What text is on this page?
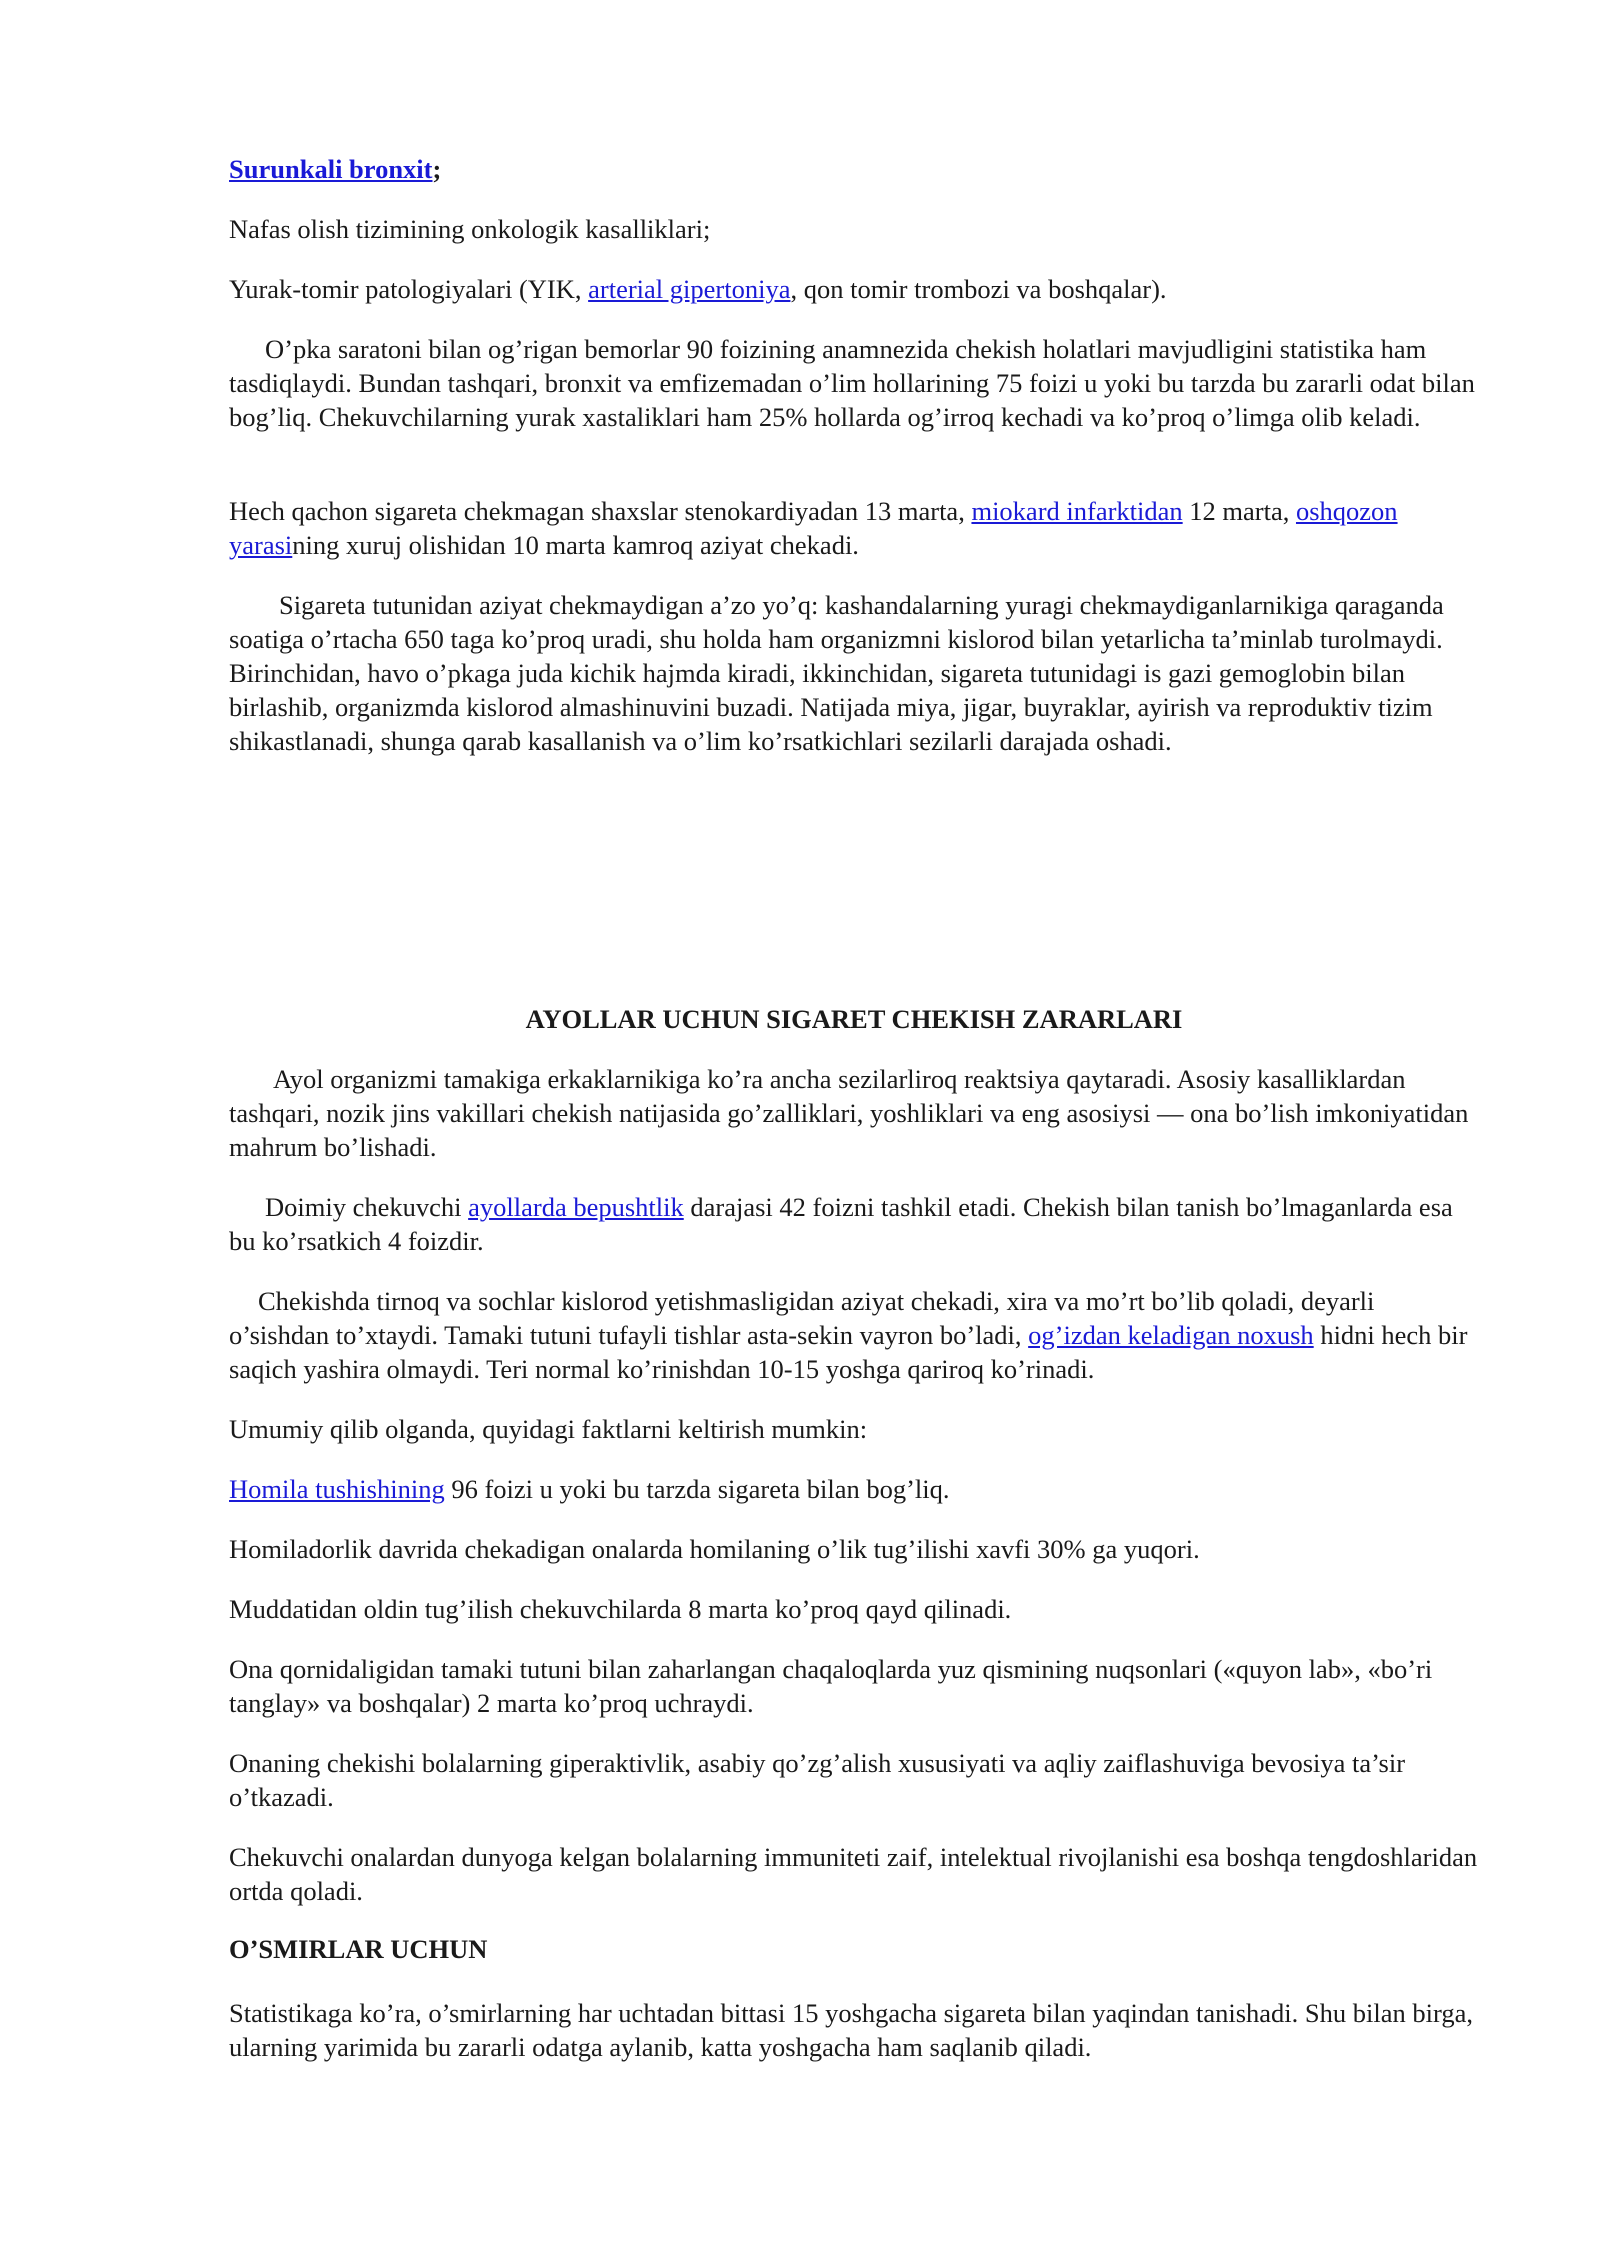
Surunkali bronxit;

Nafas olish tizimining onkologik kasalliklari;

Yurak-tomir patologiyalari (YIK, arterial gipertoniya, qon tomir trombozi va boshqalar).

O’pka saratoni bilan og’rigan bemorlar 90 foizining anamnezida chekish holatlari mavjudligini statistika ham tasdiqlaydi. Bundan tashqari, bronxit va emfizemadan o’lim hollarining 75 foizi u yoki bu tarzda bu zararli odat bilan bog’liq. Chekuvchilarning yurak xastaliklari ham 25% hollarda og’irroq kechadi va ko’proq o’limga olib keladi.

Hech qachon sigareta chekmagan shaxslar stenokardiyadan 13 marta, miokard infarktidan 12 marta, oshqozon yarasining xuruj olishidan 10 marta kamroq aziyat chekadi.

Sigareta tutunidan aziyat chekmaydigan a’zo yo’q: kashandalarning yuragi chekmaydiganlarnikiga qaraganda soatiga o’rtacha 650 taga ko’proq uradi, shu holda ham organizmni kislorod bilan yetarlicha ta’minlab turolmaydi. Birinchidan, havo o’pkaga juda kichik hajmda kiradi, ikkinchidan, sigareta tutunidagi is gazi gemoglobin bilan birlashib, organizmda kislorod almashinuvini buzadi. Natijada miya, jigar, buyraklar, ayirish va reproduktiv tizim shikastlanadi, shunga qarab kasallanish va o’lim ko’rsatkichlari sezilarli darajada oshadi.

AYOLLAR UCHUN SIGARET CHEKISH ZARARLARI

Ayol organizmi tamakiga erkaklarnikiga ko’ra ancha sezilarliroq reaktsiya qaytaradi. Asosiy kasalliklardan tashqari, nozik jins vakillari chekish natijasida go’zalliklari, yoshliklari va eng asosiysi — ona bo’lish imkoniyatidan mahrum bo’lishadi.

Doimiy chekuvchi ayollarda bepushtlik darajasi 42 foizni tashkil etadi. Chekish bilan tanish bo’lmaganlarda esa bu ko’rsatkich 4 foizdir.

Chekishda tirnoq va sochlar kislorod yetishmasligidan aziyat chekadi, xira va mo’rt bo’lib qoladi, deyarli o’sishdan to’xtaydi. Tamaki tutuni tufayli tishlar asta-sekin vayron bo’ladi, og’izdan keladigan noxush hidni hech bir saqich yashira olmaydi. Teri normal ko’rinishdan 10-15 yoshga qariroq ko’rinadi.

Umumiy qilib olganda, quyidagi faktlarni keltirish mumkin:

Homila tushishining 96 foizi u yoki bu tarzda sigareta bilan bog’liq.

Homiladorlik davrida chekadigan onalarda homilaning o’lik tug’ilishi xavfi 30% ga yuqori.

Muddatidan oldin tug’ilish chekuvchilarda 8 marta ko’proq qayd qilinadi.

Ona qornidaligidan tamaki tutuni bilan zaharlangan chaqaloqlarda yuz qismining nuqsonlari («quyon lab», «bo’ri tanglay» va boshqalar) 2 marta ko’proq uchraydi.

Onaning chekishi bolalarning giperaktivlik, asabiy qo’zg’alish xususiyati va aqliy zaiflashuviga bevosiya ta’sir o’tkazadi.

Chekuvchi onalardan dunyoga kelgan bolalarning immuniteti zaif, intelektual rivojlanishi esa boshqa tengdoshlaridan ortda qoladi.

O’SMIRLAR UCHUN

Statistikaga ko’ra, o’smirlarning har uchtadan bittasi 15 yoshgacha sigareta bilan yaqindan tanishadi. Shu bilan birga, ularning yarimida bu zararli odatga aylanib, katta yoshgacha ham saqlanib qiladi.
